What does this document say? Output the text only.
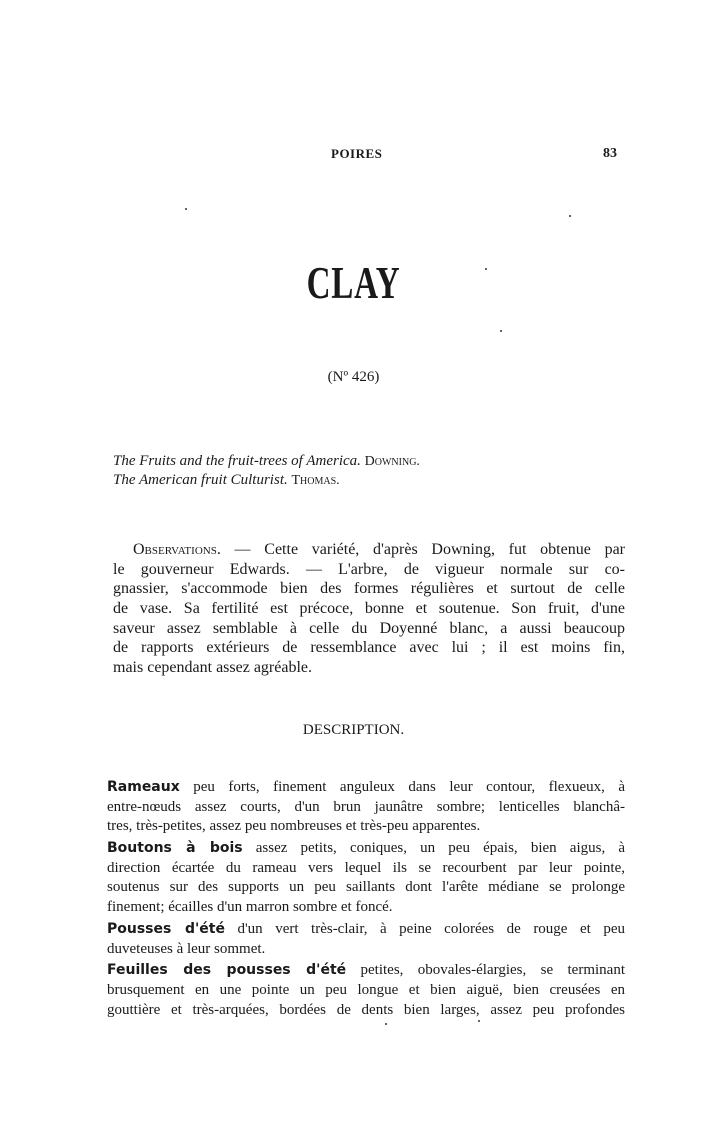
POIRES	83
CLAY
(Nº 426)
The Fruits and the fruit-trees of America. Downing.
The American fruit Culturist. Thomas.
Observations. — Cette variété, d'après Downing, fut obtenue par
le gouverneur Edwards. — L'arbre, de vigueur normale sur co-
gnassier, s'accommode bien des formes régulières et surtout de celle
de vase. Sa fertilité est précoce, bonne et soutenue. Son fruit, d'une
saveur assez semblable à celle du Doyenné blanc, a aussi beaucoup
de rapports extérieurs de ressemblance avec lui ; il est moins fin,
mais cependant assez agréable.
DESCRIPTION.
Rameaux peu forts, finement anguleux dans leur contour, flexueux, à
entre-nœuds assez courts, d'un brun jaunâtre sombre; lenticelles blanchâ-
tres, très-petites, assez peu nombreuses et très-peu apparentes.
Boutons à bois assez petits, coniques, un peu épais, bien aigus, à
direction écartée du rameau vers lequel ils se recourbent par leur pointe,
soutenus sur des supports un peu saillants dont l'arête médiane se prolonge
finement; écailles d'un marron sombre et foncé.
Pousses d'été d'un vert très-clair, à peine colorées de rouge et peu
duveteuses à leur sommet.
Feuilles des pousses d'été petites, obovales-élargies, se terminant
brusquement en une pointe un peu longue et bien aiguë, bien creusées en
gouttière et très-arquées, bordées de dents bien larges, assez peu profondes
